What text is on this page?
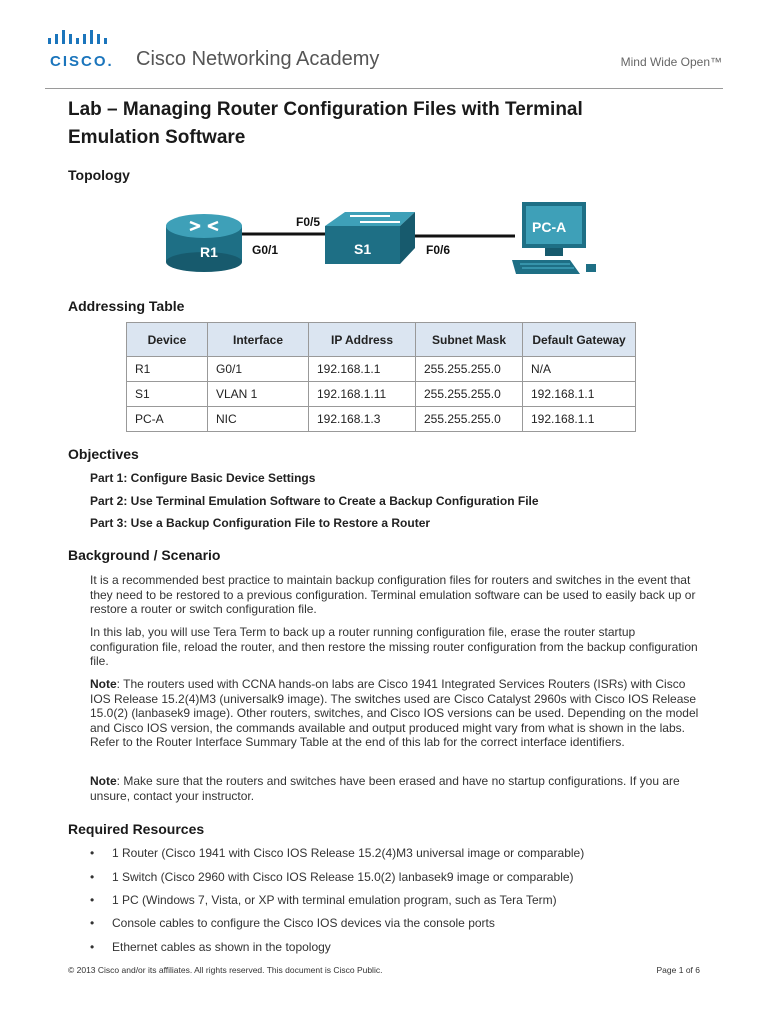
CISCO. Cisco Networking Academy	Mind Wide Open™
Lab – Managing Router Configuration Files with Terminal Emulation Software
Topology
R1	S1
PC-A
F0/5
G0/1	F0/6
Addressing Table
Device	Interface	IP Address	Subnet Mask	Default Gateway
R1	G0/1	192.168.1.1	255.255.255.0	N/A
S1	VLAN 1	192.168.1.11	255.255.255.0	192.168.1.1
PC-A	NIC	192.168.1.3	255.255.255.0	192.168.1.1
Objectives
Part 1: Configure Basic Device Settings
Part 2: Use Terminal Emulation Software to Create a Backup Configuration File
Part 3: Use a Backup Configuration File to Restore a Router
Background / Scenario
It is a recommended best practice to maintain backup configuration files for routers and switches in the event that they need to be restored to a previous configuration. Terminal emulation software can be used to easily back up or restore a router or switch configuration file.
In this lab, you will use Tera Term to back up a router running configuration file, erase the router startup configuration file, reload the router, and then restore the missing router configuration from the backup configuration file.
Note: The routers used with CCNA hands-on labs are Cisco 1941 Integrated Services Routers (ISRs) with Cisco IOS Release 15.2(4)M3 (universalk9 image). The switches used are Cisco Catalyst 2960s with Cisco IOS Release 15.0(2) (lanbasek9 image). Other routers, switches, and Cisco IOS versions can be used. Depending on the model and Cisco IOS version, the commands available and output produced might vary from what is shown in the labs. Refer to the Router Interface Summary Table at the end of this lab for the correct interface identifiers.
Note: Make sure that the routers and switches have been erased and have no startup configurations. If you are unsure, contact your instructor.
Required Resources
• 1 Router (Cisco 1941 with Cisco IOS Release 15.2(4)M3 universal image or comparable)
• 1 Switch (Cisco 2960 with Cisco IOS Release 15.0(2) lanbasek9 image or comparable)
• 1 PC (Windows 7, Vista, or XP with terminal emulation program, such as Tera Term)
• Console cables to configure the Cisco IOS devices via the console ports
• Ethernet cables as shown in the topology
© 2013 Cisco and/or its affiliates. All rights reserved. This document is Cisco Public.	Page 1 of 6
